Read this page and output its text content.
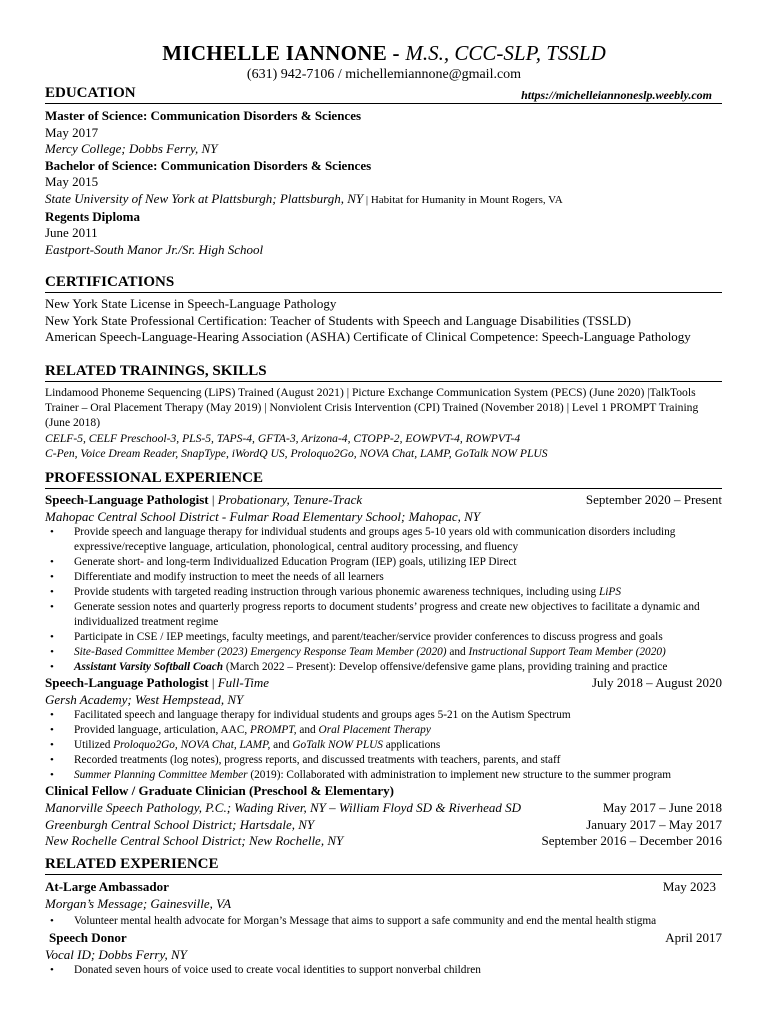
MICHELLE IANNONE - M.S., CCC-SLP, TSSLD
(631) 942-7106 / michellemiannone@gmail.com
EDUCATION	https://michelleiannoneslp.weebly.com
Master of Science: Communication Disorders & Sciences
May 2017
Mercy College; Dobbs Ferry, NY
Bachelor of Science: Communication Disorders & Sciences
May 2015
State University of New York at Plattsburgh; Plattsburgh, NY | Habitat for Humanity in Mount Rogers, VA
Regents Diploma
June 2011
Eastport-South Manor Jr./Sr. High School
CERTIFICATIONS
New York State License in Speech-Language Pathology
New York State Professional Certification: Teacher of Students with Speech and Language Disabilities (TSSLD)
American Speech-Language-Hearing Association (ASHA) Certificate of Clinical Competence: Speech-Language Pathology
RELATED TRAININGS, SKILLS
Lindamood Phoneme Sequencing (LiPS) Trained (August 2021) | Picture Exchange Communication System (PECS) (June 2020) |TalkTools Trainer – Oral Placement Therapy (May 2019) | Nonviolent Crisis Intervention (CPI) Trained (November 2018) | Level 1 PROMPT Training (June 2018)
CELF-5, CELF Preschool-3, PLS-5, TAPS-4, GFTA-3, Arizona-4, CTOPP-2, EOWPVT-4, ROWPVT-4
C-Pen, Voice Dream Reader, SnapType, iWordQ US, Proloquo2Go, NOVA Chat, LAMP, GoTalk NOW PLUS
PROFESSIONAL EXPERIENCE
Speech-Language Pathologist | Probationary, Tenure-Track	September 2020 – Present
Mahopac Central School District - Fulmar Road Elementary School; Mahopac, NY
• Provide speech and language therapy for individual students and groups ages 5-10 years old with communication disorders including expressive/receptive language, articulation, phonological, central auditory processing, and fluency
• Generate short- and long-term Individualized Education Program (IEP) goals, utilizing IEP Direct
• Differentiate and modify instruction to meet the needs of all learners
• Provide students with targeted reading instruction through various phonemic awareness techniques, including using LiPS
• Generate session notes and quarterly progress reports to document students’ progress and create new objectives to facilitate a dynamic and individualized treatment regime
• Participate in CSE / IEP meetings, faculty meetings, and parent/teacher/service provider conferences to discuss progress and goals
• Site-Based Committee Member (2023) Emergency Response Team Member (2020) and Instructional Support Team Member (2020)
• Assistant Varsity Softball Coach (March 2022 – Present): Develop offensive/defensive game plans, providing training and practice
Speech-Language Pathologist | Full-Time	July 2018 – August 2020
Gersh Academy; West Hempstead, NY
• Facilitated speech and language therapy for individual students and groups ages 5-21 on the Autism Spectrum
• Provided language, articulation, AAC, PROMPT, and Oral Placement Therapy
• Utilized Proloquo2Go, NOVA Chat, LAMP, and GoTalk NOW PLUS applications
• Recorded treatments (log notes), progress reports, and discussed treatments with teachers, parents, and staff
• Summer Planning Committee Member (2019): Collaborated with administration to implement new structure to the summer program
Clinical Fellow / Graduate Clinician (Preschool & Elementary)
Manorville Speech Pathology, P.C.; Wading River, NY – William Floyd SD & Riverhead SD	May 2017 – June 2018
Greenburgh Central School District; Hartsdale, NY	January 2017 – May 2017
New Rochelle Central School District; New Rochelle, NY	September 2016 – December 2016
RELATED EXPERIENCE
At-Large Ambassador	May 2023
Morgan’s Message; Gainesville, VA
• Volunteer mental health advocate for Morgan’s Message that aims to support a safe community and end the mental health stigma
Speech Donor	April 2017
Vocal ID; Dobbs Ferry, NY
• Donated seven hours of voice used to create vocal identities to support nonverbal children
